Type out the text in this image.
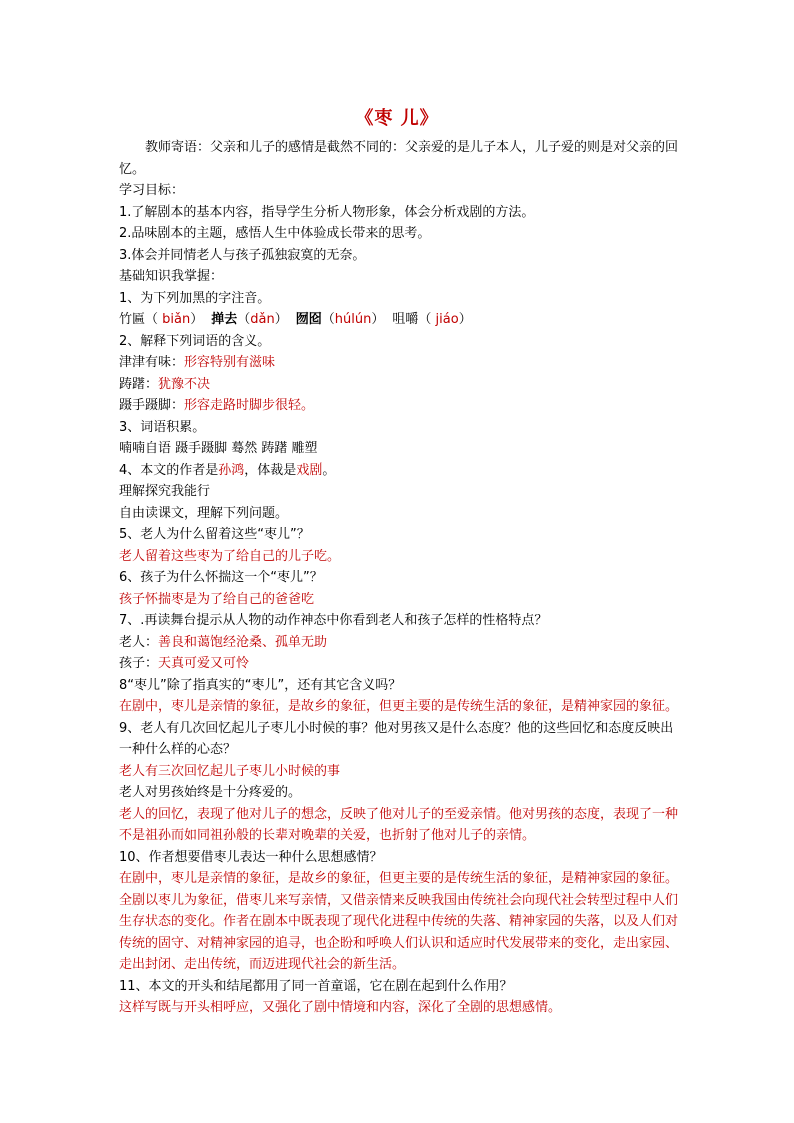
《枣 儿》

教师寄语：父亲和儿子的感情是截然不同的：父亲爱的是儿子本人，儿子爱的则是对父亲的回忆。

学习目标：

1.了解剧本的基本内容，指导学生分析人物形象，体会分析戏剧的方法。

2.品味剧本的主题，感悟人生中体验成长带来的思考。

3.体会并同情老人与孩子孤独寂寞的无奈。

基础知识我掌握：

1、为下列加黑的字注音。

竹匾（ biǎn） 掸去（dǎn） 囫囵（húlún） 咀嚼（ jiáo）

2、解释下列词语的含义。

津津有味：形容特别有滋味

踌躇：犹豫不决

蹑手蹑脚：形容走路时脚步很轻。

3、词语积累。

喃喃自语 蹑手蹑脚 蓦然 踌躇 雕塑

4、本文的作者是孙鸿，体裁是戏剧。

理解探究我能行

自由读课文，理解下列问题。

5、老人为什么留着这些“枣儿”？

老人留着这些枣为了给自己的儿子吃。

6、孩子为什么怀揣这一个“枣儿”？

孩子怀揣枣是为了给自己的爸爸吃

7、.再读舞台提示从人物的动作神态中你看到老人和孩子怎样的性格特点？

老人：善良和蔼饱经沧桑、孤单无助

孩子：天真可爱又可怜

8“枣儿”除了指真实的“枣儿”，还有其它含义吗？

在剧中，枣儿是亲情的象征，是故乡的象征，但更主要的是传统生活的象征，是精神家园的象征。

9、老人有几次回忆起儿子枣儿小时候的事？他对男孩又是什么态度？他的这些回忆和态度反映出一种什么样的心态？

老人有三次回忆起儿子枣儿小时候的事

老人对男孩始终是十分疼爱的。

老人的回忆，表现了他对儿子的想念，反映了他对儿子的至爱亲情。他对男孩的态度，表现了一种不是祖孙而如同祖孙般的长辈对晚辈的关爱，也折射了他对儿子的亲情。

10、作者想要借枣儿表达一种什么思想感情？

在剧中，枣儿是亲情的象征，是故乡的象征，但更主要的是传统生活的象征，是精神家园的象征。全剧以枣儿为象征，借枣儿来写亲情，又借亲情来反映我国由传统社会向现代社会转型过程中人们生存状态的变化。作者在剧本中既表现了现代化进程中传统的失落、精神家园的失落，以及人们对传统的固守、对精神家园的追寻，也企盼和呼唤人们认识和适应时代发展带来的变化，走出家园、走出封闭、走出传统，而迈进现代社会的新生活。

11、本文的开头和结尾都用了同一首童谣，它在剧在起到什么作用？

这样写既与开头相呼应，又强化了剧中情境和内容，深化了全剧的思想感情。
